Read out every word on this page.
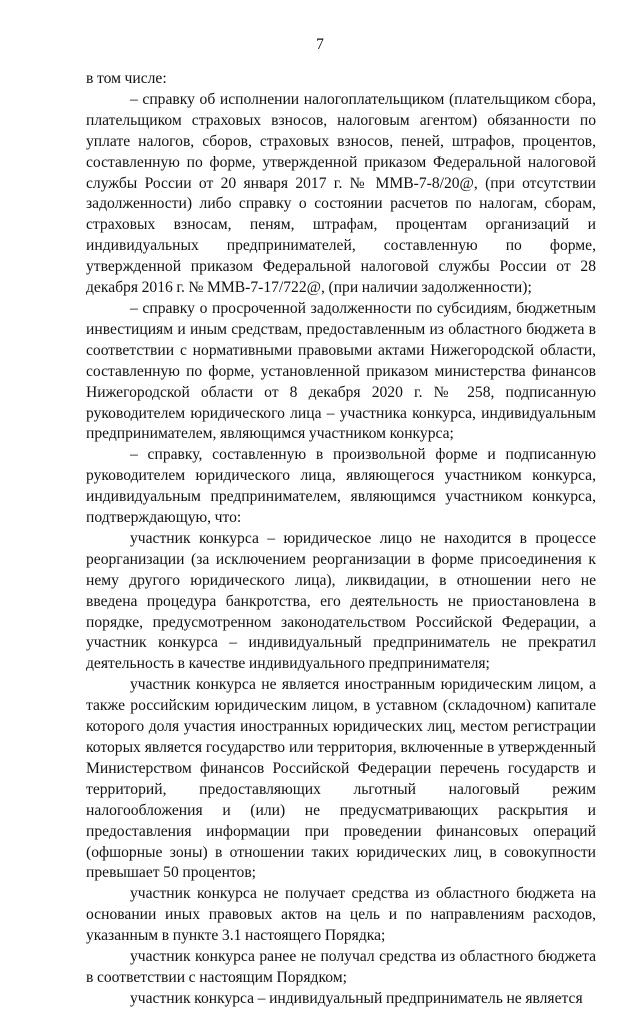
7

в том числе:

– справку об исполнении налогоплательщиком (плательщиком сбора, плательщиком страховых взносов, налоговым агентом) обязанности по уплате налогов, сборов, страховых взносов, пеней, штрафов, процентов, составленную по форме, утвержденной приказом Федеральной налоговой службы России от 20 января 2017 г. № ММВ-7-8/20@, (при отсутствии задолженности) либо справку о состоянии расчетов по налогам, сборам, страховых взносам, пеням, штрафам, процентам организаций и индивидуальных предпринимателей, составленную по форме, утвержденной приказом Федеральной налоговой службы России от 28 декабря 2016 г. № ММВ-7-17/722@, (при наличии задолженности);

– справку о просроченной задолженности по субсидиям, бюджетным инвестициям и иным средствам, предоставленным из областного бюджета в соответствии с нормативными правовыми актами Нижегородской области, составленную по форме, установленной приказом министерства финансов Нижегородской области от 8 декабря 2020 г. № 258, подписанную руководителем юридического лица – участника конкурса, индивидуальным предпринимателем, являющимся участником конкурса;

– справку, составленную в произвольной форме и подписанную руководителем юридического лица, являющегося участником конкурса, индивидуальным предпринимателем, являющимся участником конкурса, подтверждающую, что:

участник конкурса – юридическое лицо не находится в процессе реорганизации (за исключением реорганизации в форме присоединения к нему другого юридического лица), ликвидации, в отношении него не введена процедура банкротства, его деятельность не приостановлена в порядке, предусмотренном законодательством Российской Федерации, а участник конкурса – индивидуальный предприниматель не прекратил деятельность в качестве индивидуального предпринимателя;

участник конкурса не является иностранным юридическим лицом, а также российским юридическим лицом, в уставном (складочном) капитале которого доля участия иностранных юридических лиц, местом регистрации которых является государство или территория, включенные в утвержденный Министерством финансов Российской Федерации перечень государств и территорий, предоставляющих льготный налоговый режим налогообложения и (или) не предусматривающих раскрытия и предоставления информации при проведении финансовых операций (офшорные зоны) в отношении таких юридических лиц, в совокупности превышает 50 процентов;

участник конкурса не получает средства из областного бюджета на основании иных правовых актов на цель и по направлениям расходов, указанным в пункте 3.1 настоящего Порядка;

участник конкурса ранее не получал средства из областного бюджета в соответствии с настоящим Порядком;

участник конкурса – индивидуальный предприниматель не является
